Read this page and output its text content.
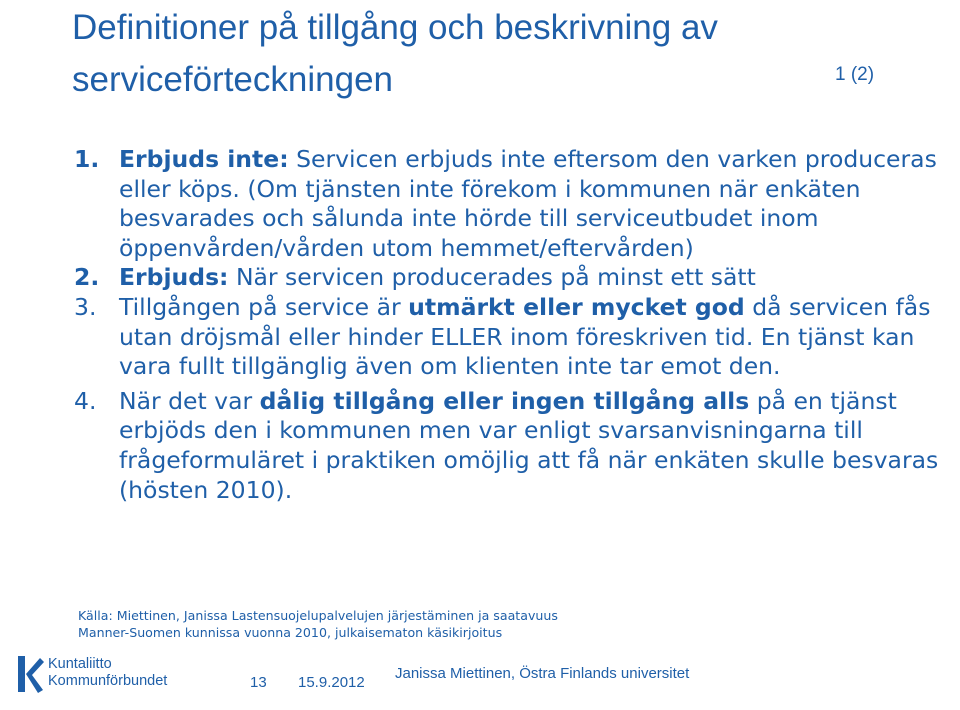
Definitioner på tillgång och beskrivning av
serviceförteckningen	1 (2)
1. Erbjuds inte: Servicen erbjuds inte eftersom den varken produceras eller köps. (Om tjänsten inte förekom i kommunen när enkäten besvarades och sålunda inte hörde till serviceutbudet inom öppenvården/vården utom hemmet/eftervården)
2. Erbjuds: När servicen producerades på minst ett sätt
3. Tillgången på service är utmärkt eller mycket god då servicen fås utan dröjsmål eller hinder ELLER inom föreskriven tid. En tjänst kan vara fullt tillgänglig även om klienten inte tar emot den.
4. När det var dålig tillgång eller ingen tillgång alls på en tjänst erbjöds den i kommunen men var enligt svarsanvisningarna till frågeformuläret i praktiken omöjlig att få när enkäten skulle besvaras (hösten 2010).
Källa: Miettinen, Janissa Lastensuojelupalvelujen järjestäminen ja saatavuus
Manner-Suomen kunnissa vuonna 2010, julkaisematon käsikirjoitus
Kuntaliitto
Kommunförbundet	13 15.9.2012
Janissa Miettinen, Östra Finlands universitet
